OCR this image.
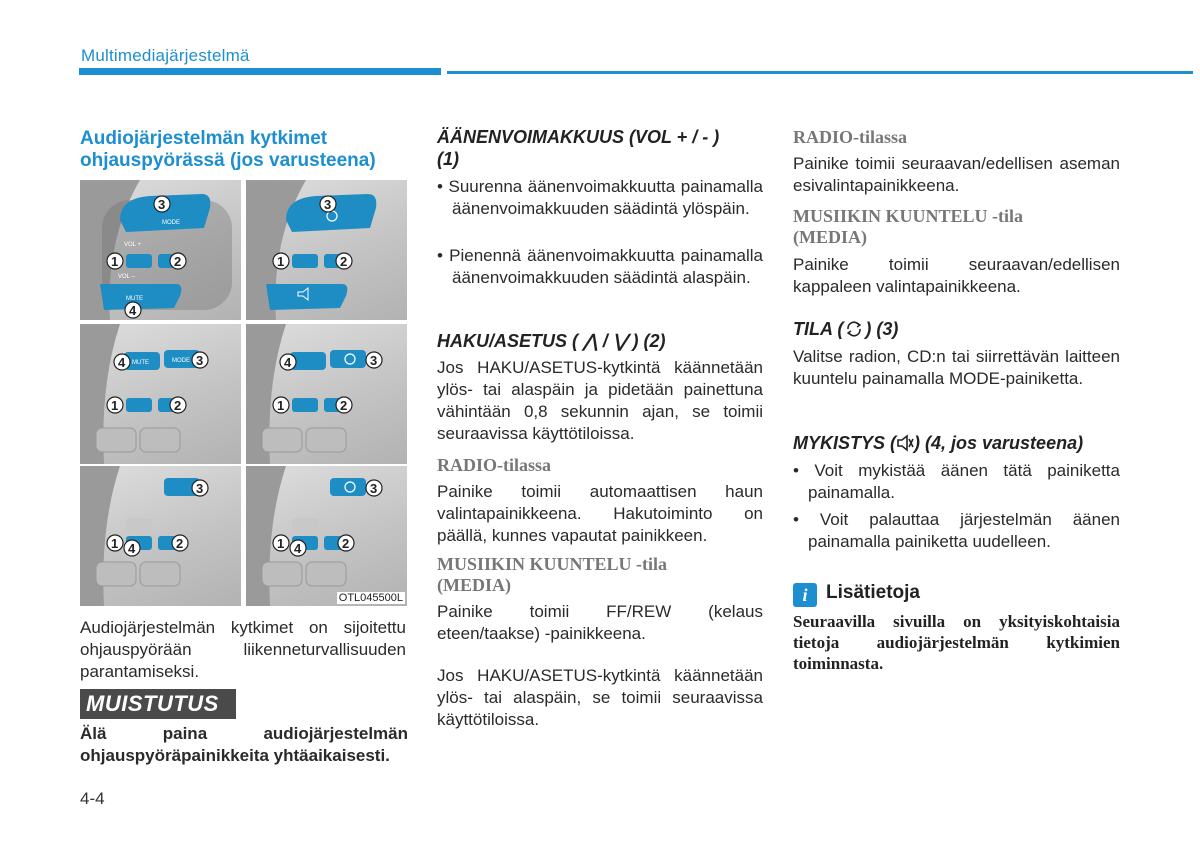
Multimediajärjestelmä
Audiojärjestelmän kytkimet
ohjauspyörässä (jos varusteena)
MODE
VOL +
VOL –
MUTE
3
1	2
4
3
1	2
MUTE	MODE
4	3
1	2
4	3
1	2
3
1 4	2
3
1 4	2
OTL045500L
Audiojärjestelmän kytkimet on sijoitettu ohjauspyörään liikenneturvallisuuden parantamiseksi.
MUISTUTUS
Älä paina audiojärjestelmän ohjauspyöräpainikkeita yhtäaikaisesti.
ÄÄNENVOIMAKKUUS (VOL + / - )
(1)
• Suurenna äänenvoimakkuutta painamalla äänenvoimakkuuden säädintä ylöspäin.
• Pienennä äänenvoimakkuutta painamalla äänenvoimakkuuden säädintä alaspäin.
HAKU/ASETUS ( ⋀ / ⋁ ) (2)
Jos HAKU/ASETUS-kytkintä käännetään ylös- tai alaspäin ja pidetään painettuna vähintään 0,8 sekunnin ajan, se toimii seuraavissa käyttötiloissa.
RADIO-tilassa
Painike toimii automaattisen haun valintapainikkeena. Hakutoiminto on päällä, kunnes vapautat painikkeen.
MUSIIKIN KUUNTELU -tila
(MEDIA)
Painike toimii FF/REW (kelaus eteen/taakse) -painikkeena.
Jos HAKU/ASETUS-kytkintä käännetään ylös- tai alaspäin, se toimii seuraavissa käyttötiloissa.
RADIO-tilassa
Painike toimii seuraavan/edellisen aseman esivalintapainikkeena.
MUSIIKIN KUUNTELU -tila
(MEDIA)
Painike toimii seuraavan/edellisen kappaleen valintapainikkeena.
TILA ( ) (3)
Valitse radion, CD:n tai siirrettävän laitteen kuuntelu painamalla MODE-painiketta.
MYKISTYS ( ) (4, jos varusteena)
• Voit mykistää äänen tätä painiketta painamalla.
• Voit palauttaa järjestelmän äänen painamalla painiketta uudelleen.
i Lisätietoja
Seuraavilla sivuilla on yksityiskohtaisia tietoja audiojärjestelmän kytkimien toiminnasta.
4-4
